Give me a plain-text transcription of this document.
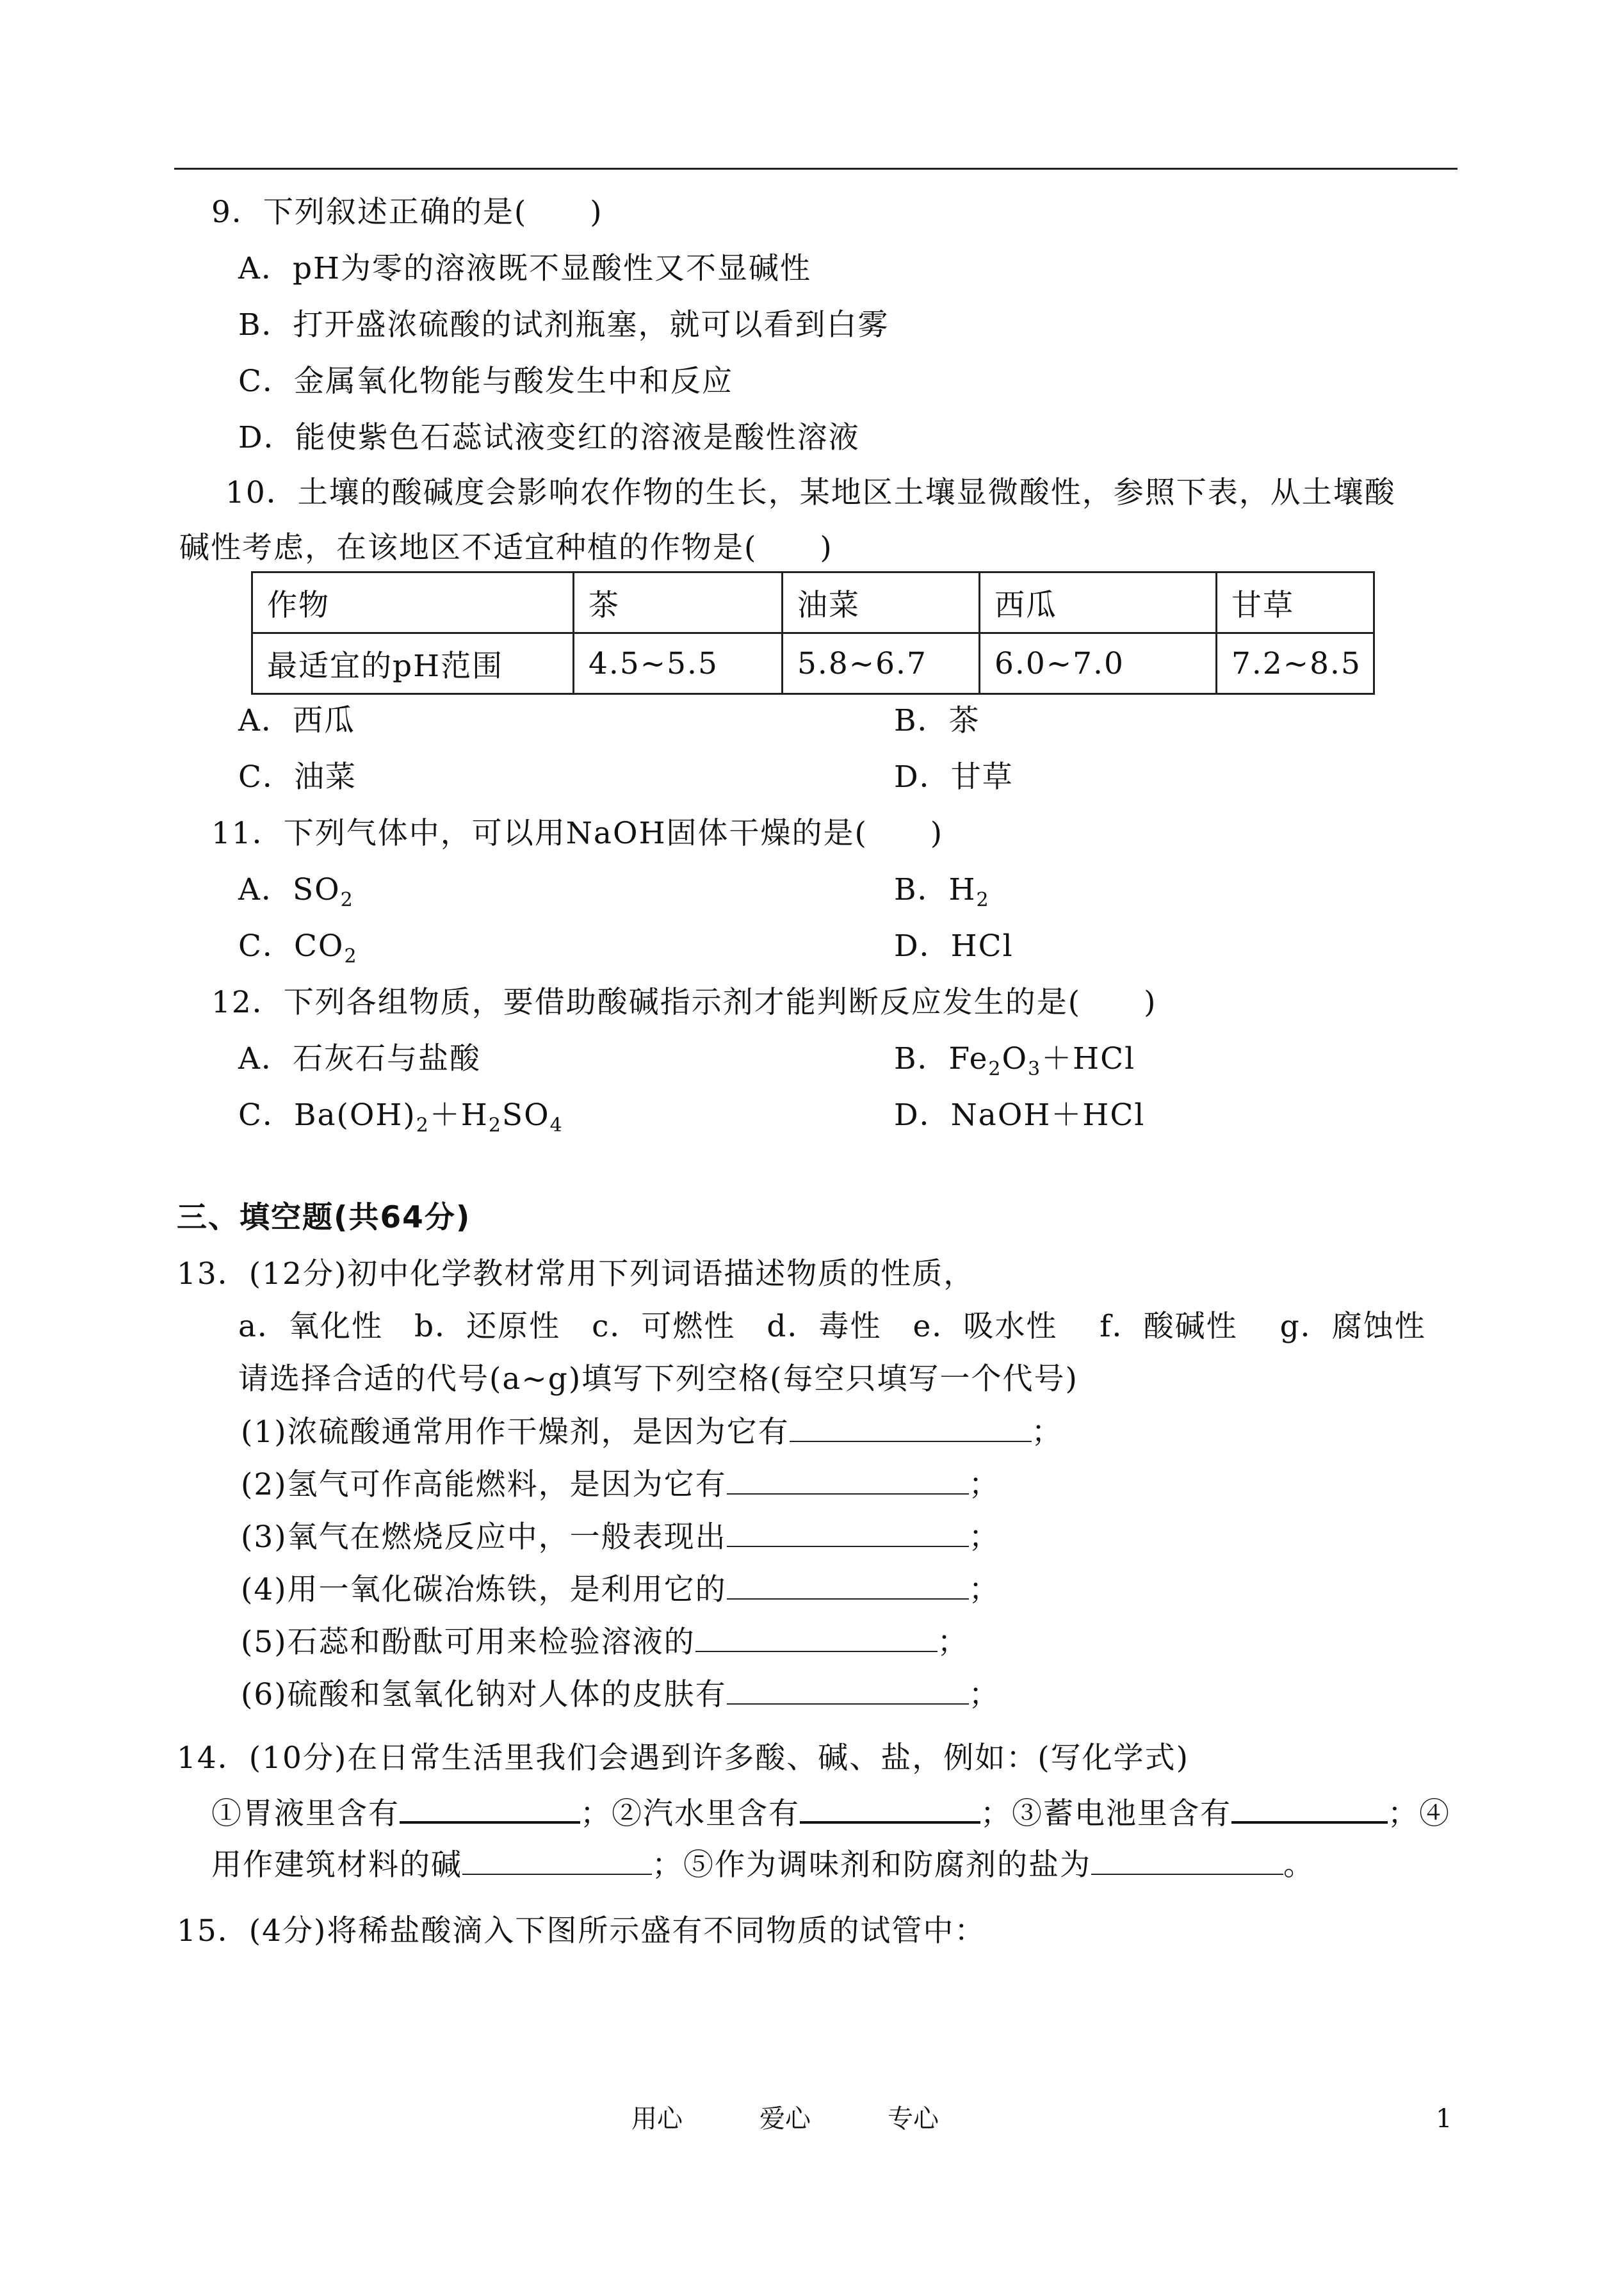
9．下列叙述正确的是(　　)
A．pH为零的溶液既不显酸性又不显碱性
B．打开盛浓硫酸的试剂瓶塞，就可以看到白雾
C．金属氧化物能与酸发生中和反应
D．能使紫色石蕊试液变红的溶液是酸性溶液
10．土壤的酸碱度会影响农作物的生长，某地区土壤显微酸性，参照下表，从土壤酸
碱性考虑，在该地区不适宜种植的作物是(　　)
作物	茶	油菜	西瓜	甘草
最适宜的pH范围	4.5~5.5	5.8~6.7	6.0~7.0	7.2~8.5
A．西瓜	B．茶
C．油菜	D．甘草
11．下列气体中，可以用NaOH固体干燥的是(　　)
A．$SO_2$	B．$H_2$
C．$CO_2$	D．HCl
12．下列各组物质，要借助酸碱指示剂才能判断反应发生的是(　　)
A．石灰石与盐酸	B．$Fe_2O_3+HCl$
C．$Ba(OH)_2+H_2SO_4$	D．NaOH＋HCl
三、填空题(共64分)
13．(12分)初中化学教材常用下列词语描述物质的性质，
a．氧化性　b．还原性　c．可燃性　d．毒性　e．吸水性　 f．酸碱性　 g．腐蚀性
请选择合适的代号(a~g)填写下列空格(每空只填写一个代号)
(1)浓硫酸通常用作干燥剂，是因为它有	；
(2)氢气可作高能燃料，是因为它有	；
(3)氧气在燃烧反应中，一般表现出	；
(4)用一氧化碳冶炼铁，是利用它的	；
(5)石蕊和酚酞可用来检验溶液的	；
(6)硫酸和氢氧化钠对人体的皮肤有	；
14．(10分)在日常生活里我们会遇到许多酸、碱、盐，例如：(写化学式)
①胃液里含有	；②汽水里含有	；③蓄电池里含有	；④
用作建筑材料的碱	；⑤作为调味剂和防腐剂的盐为	。
15．(4分)将稀盐酸滴入下图所示盛有不同物质的试管中：
用心	爱心	专心	1
